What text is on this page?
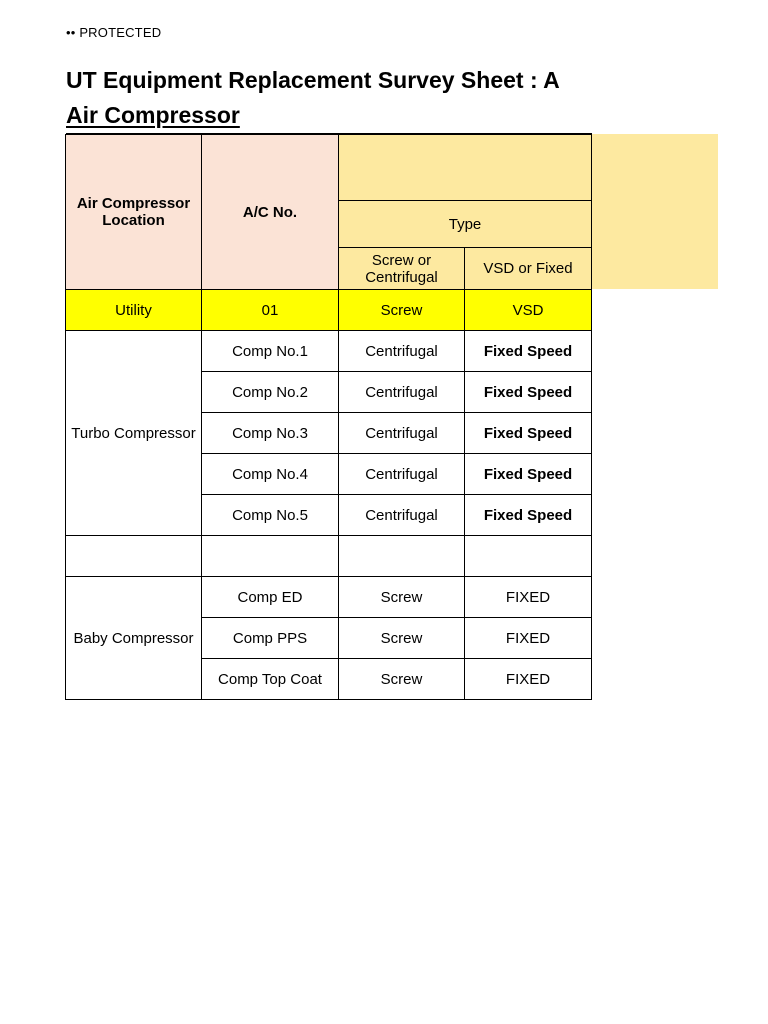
•• PROTECTED
UT Equipment Replacement Survey Sheet : A
Air Compressor
Air Compressor Location	A/C No.		
		Type	
		Screw or Centrifugal	VSD or Fixed
Utility	01	Screw	VSD
Turbo Compressor	Comp No.1	Centrifugal	Fixed Speed
	Comp No.2	Centrifugal	Fixed Speed
	Comp No.3	Centrifugal	Fixed Speed
	Comp No.4	Centrifugal	Fixed Speed
	Comp No.5	Centrifugal	Fixed Speed

Baby Compressor	Comp ED	Screw	FIXED
	Comp PPS	Screw	FIXED
	Comp Top Coat	Screw	FIXED
